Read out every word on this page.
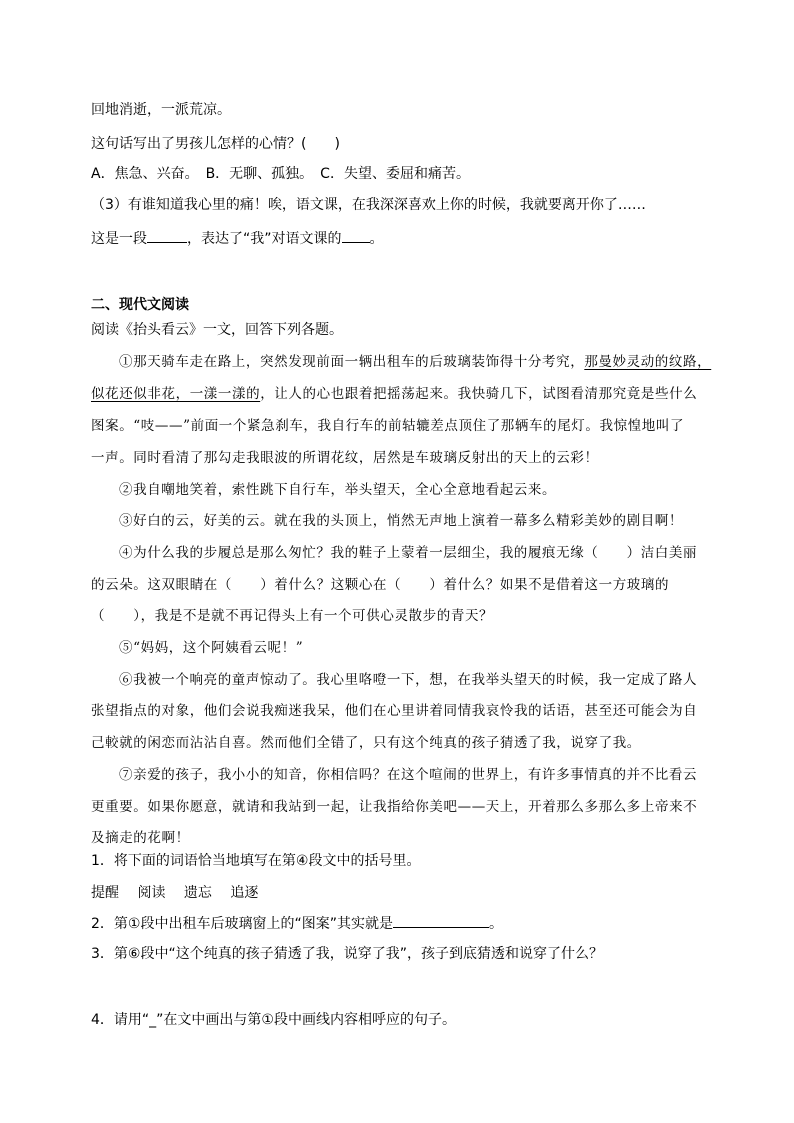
回地消逝，一派荒凉。
这句话写出了男孩儿怎样的心情？(　　)
A．焦急、兴奋。　B．无聊、孤独。　C．失望、委屈和痛苦。
（3）有谁知道我心里的痛！唉，语文课，在我深深喜欢上你的时候，我就要离开你了……
这是一段	，表达了“我”对语文课的 。
二、现代文阅读
阅读《抬头看云》一文，回答下列各题。
①那天骑车走在路上，突然发现前面一辆出租车的后玻璃装饰得十分考究，那曼妙灵动的纹路，
似花还似非花，一漾一漾的，让人的心也跟着把摇荡起来。我快骑几下，试图看清那究竟是些什么
图案。“吱——”前面一个紧急刹车，我自行车的前轱辘差点顶住了那辆车的尾灯。我惊惶地叫了
一声。同时看清了那勾走我眼波的所谓花纹，居然是车玻璃反射出的天上的云彩！
②我自嘲地笑着，索性跳下自行车，举头望天，全心全意地看起云来。
③好白的云，好美的云。就在我的头顶上，悄然无声地上演着一幕多么精彩美妙的剧目啊！
④为什么我的步履总是那么匆忙？我的鞋子上蒙着一层细尘，我的履痕无缘（　　）洁白美丽
的云朵。这双眼睛在（　　）着什么？这颗心在（　　）着什么？如果不是借着这一方玻璃的
（　　），我是不是就不再记得头上有一个可供心灵散步的青天？
⑤“妈妈，这个阿姨看云呢！”
⑥我被一个响亮的童声惊动了。我心里咯噔一下，想，在我举头望天的时候，我一定成了路人
张望指点的对象，他们会说我痴迷我呆，他们在心里讲着同情我哀怜我的话语，甚至还可能会为自
己較就的闲恋而沾沾自喜。然而他们全错了，只有这个纯真的孩子猜透了我，说穿了我。
⑦亲爱的孩子，我小小的知音，你相信吗？在这个喧闹的世界上，有许多事情真的并不比看云
更重要。如果你愿意，就请和我站到一起，让我指给你美吧——天上，开着那么多那么多上帝来不
及摘走的花啊！
1．将下面的词语恰当地填写在第④段文中的括号里。
提醒　 阅读　 遗忘　 追逐
2．第①段中出租车后玻璃窗上的“图案”其实就是	。
3．第⑥段中“这个纯真的孩子猜透了我，说穿了我”，孩子到底猜透和说穿了什么？
4．请用“_”在文中画出与第①段中画线内容相呼应的句子。
